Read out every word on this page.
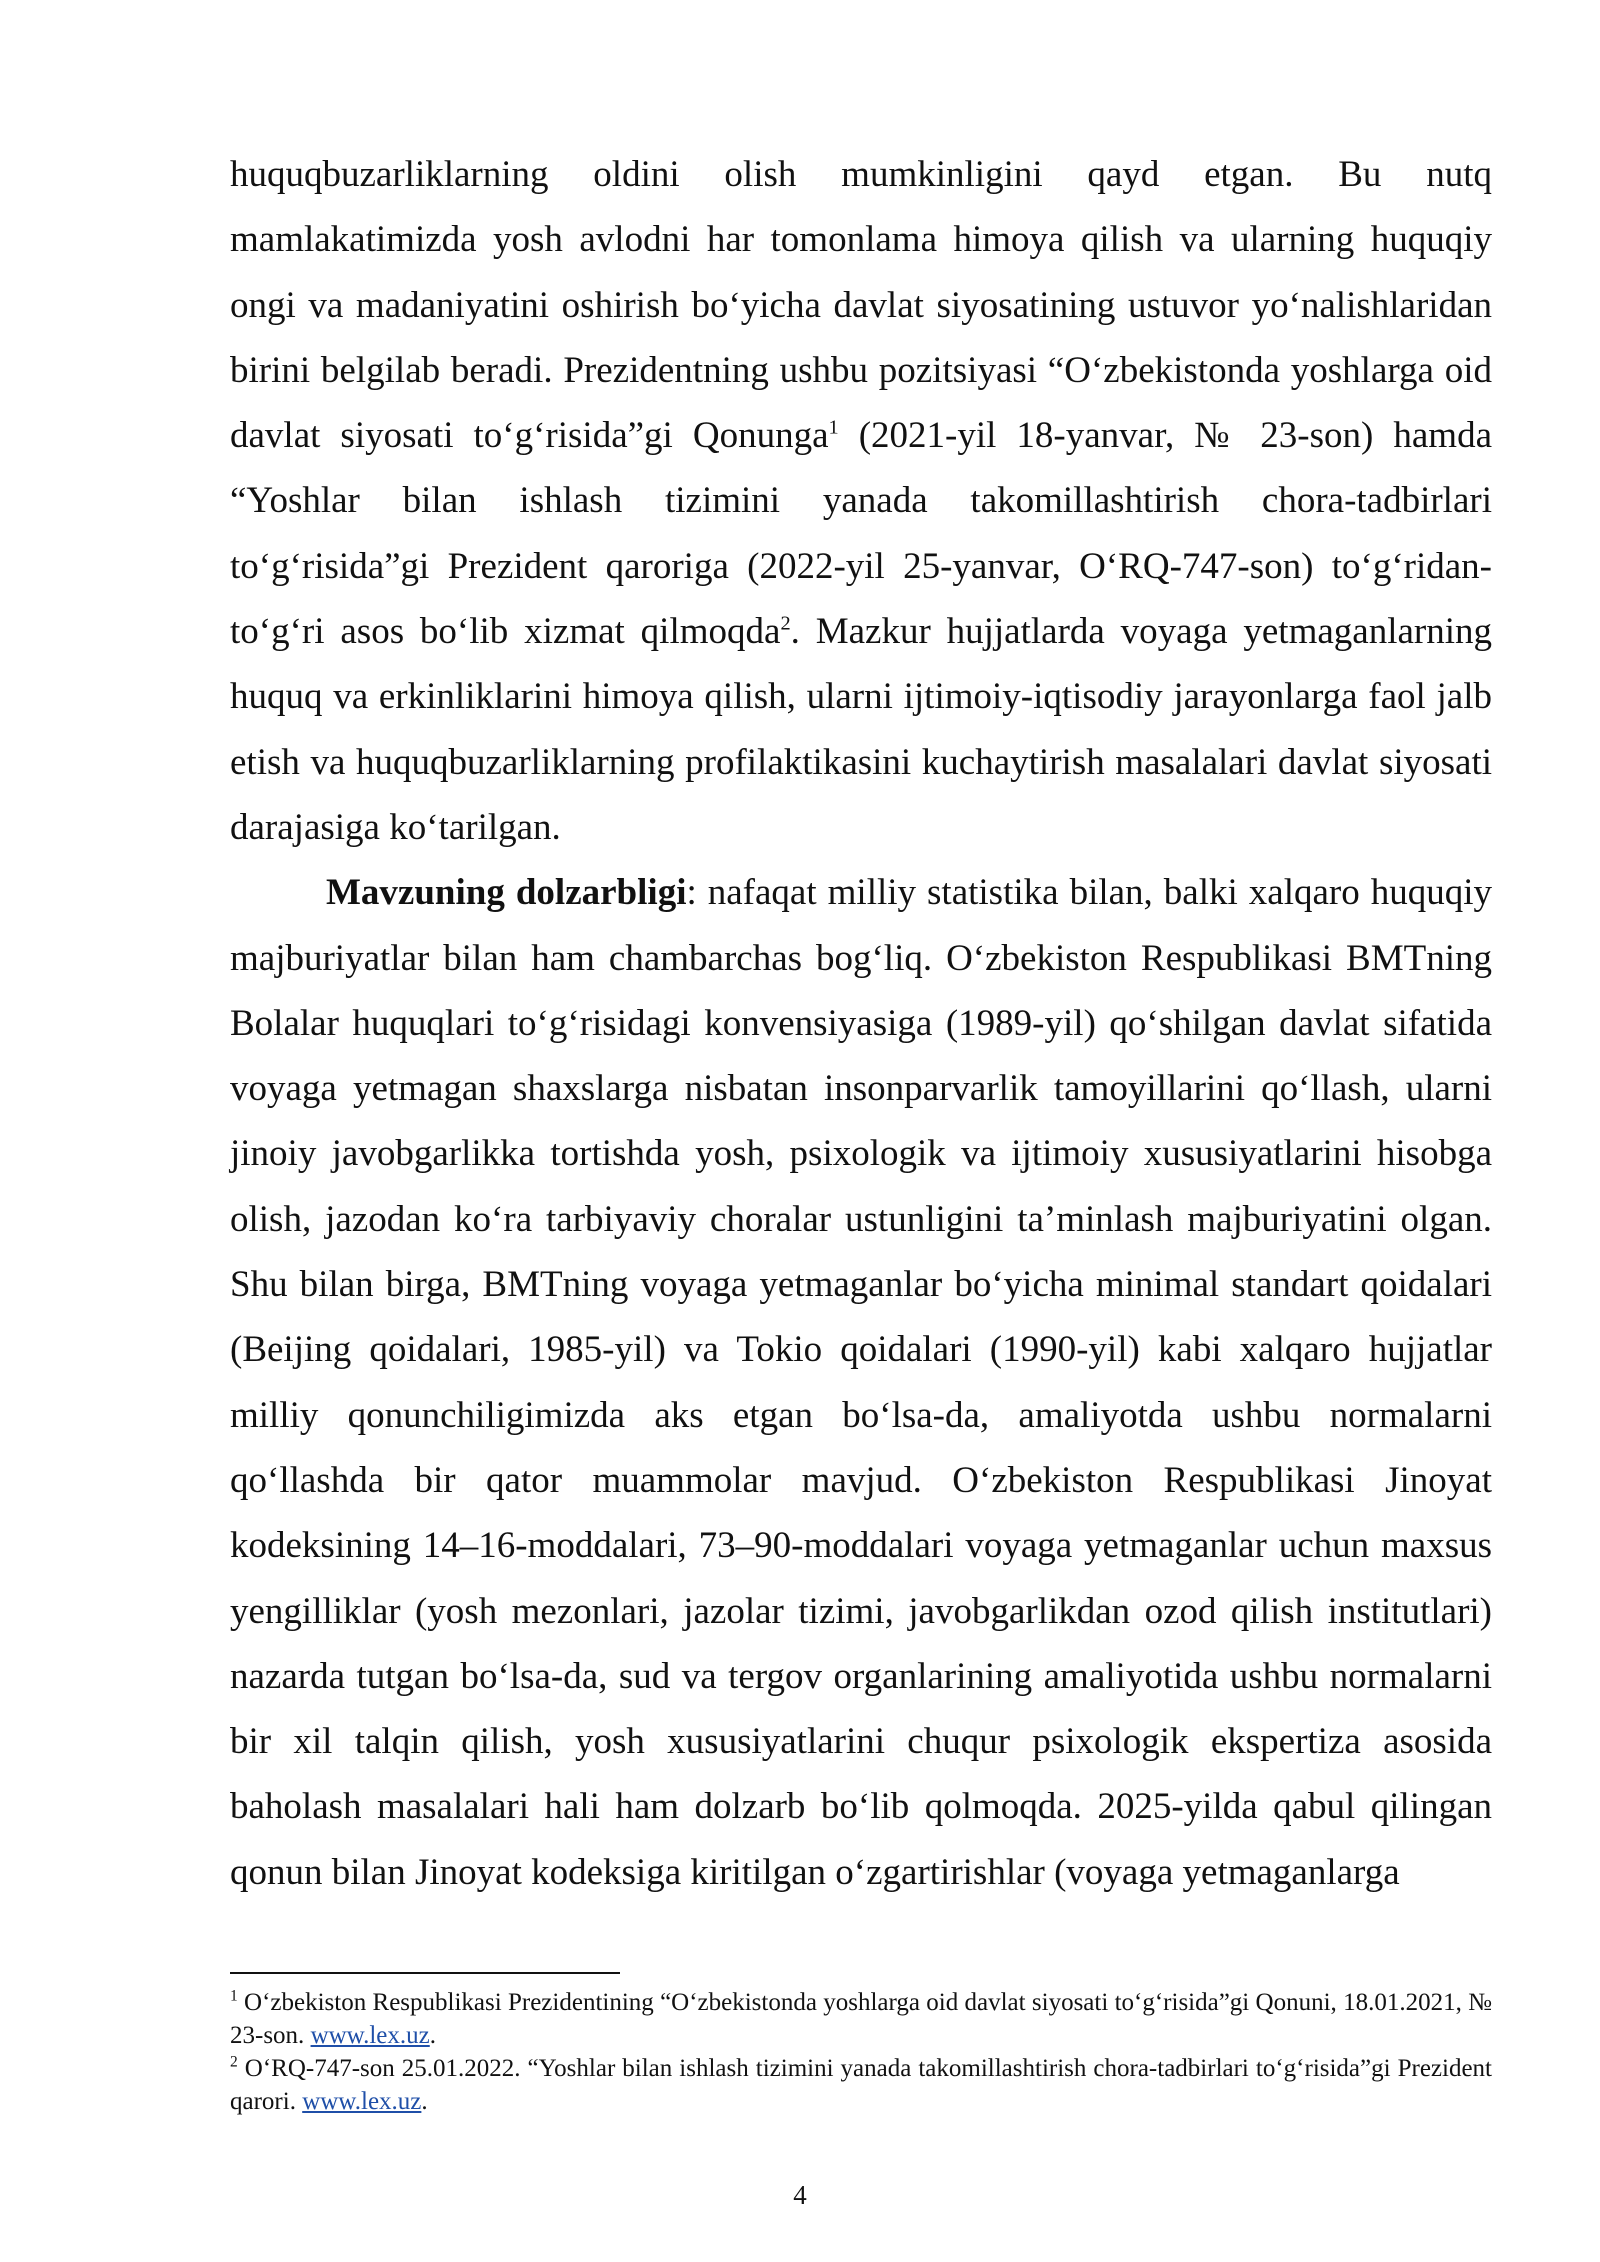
huquqbuzarliklarning oldini olish mumkinligini qayd etgan. Bu nutq mamlakatimizda yosh avlodni har tomonlama himoya qilish va ularning huquqiy ongi va madaniyatini oshirish bo‘yicha davlat siyosatining ustuvor yo‘nalishlaridan birini belgilab beradi. Prezidentning ushbu pozitsiyasi “O‘zbekistonda yoshlarga oid davlat siyosati to‘g‘risida”gi Qonunga$^1$ (2021-yil 18-yanvar, № 23-son) hamda “Yoshlar bilan ishlash tizimini yanada takomillashtirish chora-tadbirlari to‘g‘risida”gi Prezident qaroriga (2022-yil 25-yanvar, O‘RQ-747-son) to‘g‘ridan-to‘g‘ri asos bo‘lib xizmat qilmoqda$^2$. Mazkur hujjatlarda voyaga yetmaganlarning huquq va erkinliklarini himoya qilish, ularni ijtimoiy-iqtisodiy jarayonlarga faol jalb etish va huquqbuzarliklarning profilaktikasini kuchaytirish masalalari davlat siyosati darajasiga ko‘tarilgan.

Mavzuning dolzarbligi: nafaqat milliy statistika bilan, balki xalqaro huquqiy majburiyatlar bilan ham chambarchas bog‘liq. O‘zbekiston Respublikasi BMTning Bolalar huquqlari to‘g‘risidagi konvensiyasiga (1989-yil) qo‘shilgan davlat sifatida voyaga yetmagan shaxslarga nisbatan insonparvarlik tamoyillarini qo‘llash, ularni jinoiy javobgarlikka tortishda yosh, psixologik va ijtimoiy xususiyatlarini hisobga olish, jazodan ko‘ra tarbiyaviy choralar ustunligini ta’minlash majburiyatini olgan. Shu bilan birga, BMTning voyaga yetmaganlar bo‘yicha minimal standart qoidalari (Beijing qoidalari, 1985-yil) va Tokio qoidalari (1990-yil) kabi xalqaro hujjatlar milliy qonunchiligimizda aks etgan bo‘lsa-da, amaliyotda ushbu normalarni qo‘llashda bir qator muammolar mavjud. O‘zbekiston Respublikasi Jinoyat kodeksining 14–16-moddalari, 73–90-moddalari voyaga yetmaganlar uchun maxsus yengilliklar (yosh mezonlari, jazolar tizimi, javobgarlikdan ozod qilish institutlari) nazarda tutgan bo‘lsa-da, sud va tergov organlarining amaliyotida ushbu normalarni bir xil talqin qilish, yosh xususiyatlarini chuqur psixologik ekspertiza asosida baholash masalalari hali ham dolzarb bo‘lib qolmoqda. 2025-yilda qabul qilingan qonun bilan Jinoyat kodeksiga kiritilgan o‘zgartirishlar (voyaga yetmaganlarga

$^1$ O‘zbekiston Respublikasi Prezidentining “O‘zbekistonda yoshlarga oid davlat siyosati to‘g‘risida”gi Qonuni, 18.01.2021, № 23-son. www.lex.uz.

$^2$ O‘RQ-747-son 25.01.2022. “Yoshlar bilan ishlash tizimini yanada takomillashtirish chora-tadbirlari to‘g‘risida”gi Prezident qarori. www.lex.uz.

4
